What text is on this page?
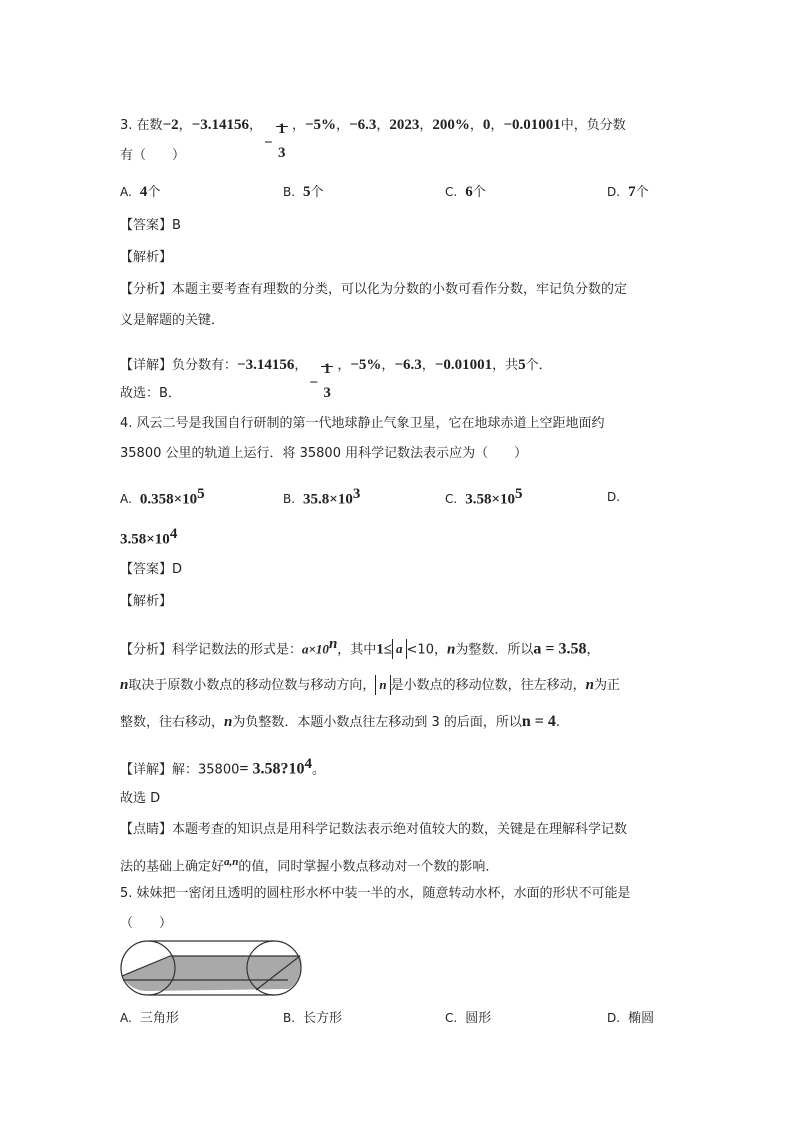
3. 在数−2，−3.14156，
−
1
3
，−5%，−6.3，2023，200%，0，−0.01001中，负分数
有（　　）
A. 4个	B. 5个	C. 6个	D. 7个
【答案】B
【解析】
【分析】本题主要考查有理数的分类，可以化为分数的小数可看作分数，牢记负分数的定
义是解题的关键．
【详解】负分数有：−3.14156，
−
1
3
，−5%，−6.3，−0.01001，共5个．
故选：B．
4. 风云二号是我国自行研制的第一代地球静止气象卫星，它在地球赤道上空距地面约
35800 公里的轨道上运行．将 35800 用科学记数法表示应为（　　）
A. $0.358\times 10^5$	B. $35.8\times 10^3$	C. $3.58\times 10^5$	D.
$3.58\times 10^4$
【答案】D
【解析】
【分析】科学记数法的形式是：$a\times 10^n$，其中1≤ a <10，n为整数．所以a = 3.58，
n取决于原数小数点的移动位数与移动方向， n 是小数点的移动位数，往左移动，n为正
整数，往右移动，n为负整数．本题小数点往左移动到 3 的后面，所以n = 4.
【详解】解：$35800= 3.58?10^4$。
故选 D
【点睛】本题考查的知识点是用科学记数法表示绝对值较大的数，关键是在理解科学记数
法的基础上确定好$^{a,n}$的值，同时掌握小数点移动对一个数的影响．
5. 妹妹把一密闭且透明的圆柱形水杯中装一半的水，随意转动水杯，水面的形状不可能是
（　　）
A. 三角形	B. 长方形	C. 圆形	D. 椭圆
